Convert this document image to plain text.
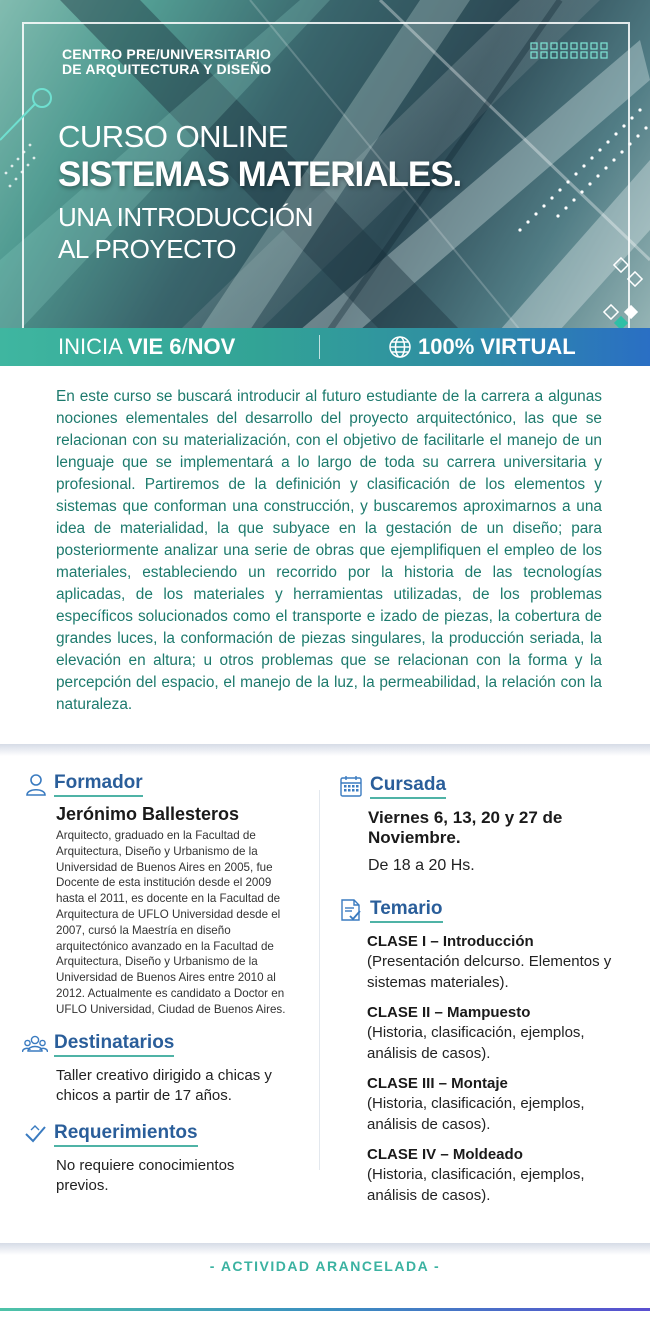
CENTRO PRE/UNIVERSITARIO
DE ARQUITECTURA Y DISEÑO
CURSO ONLINE
SISTEMAS MATERIALES.
UNA INTRODUCCIÓN
AL PROYECTO
INICIA VIE 6/NOV	100% VIRTUAL

En este curso se buscará introducir al futuro estudiante de la carrera a algunas nociones elementales del desarrollo del proyecto arquitectónico, las que se relacionan con su materialización, con el objetivo de facilitarle el manejo de un lenguaje que se implementará a lo largo de toda su carrera universitaria y profesional. Partiremos de la definición y clasificación de los elementos y sistemas que conforman una construcción, y buscaremos aproximarnos a una idea de materialidad, la que subyace en la gestación de un diseño; para posteriormente analizar una serie de obras que ejemplifiquen el empleo de los materiales, estableciendo un recorrido por la historia de las tecnologías aplicadas, de los materiales y herramientas utilizadas, de los problemas específicos solucionados como el transporte e izado de piezas, la cobertura de grandes luces, la conformación de piezas singulares, la producción seriada, la elevación en altura; u otros problemas que se relacionan con la forma y la percepción del espacio, el manejo de la luz, la permeabilidad, la relación con la naturaleza.

Formador
Jerónimo Ballesteros
Arquitecto, graduado en la Facultad de Arquitectura, Diseño y Urbanismo de la Universidad de Buenos Aires en 2005, fue Docente de esta institución desde el 2009 hasta el 2011, es docente en la Facultad de Arquitectura de UFLO Universidad desde el 2007, cursó la Maestría en diseño arquitectónico avanzado en la Facultad de Arquitectura, Diseño y Urbanismo de la Universidad de Buenos Aires entre 2010 al 2012. Actualmente es candidato a Doctor en UFLO Universidad, Ciudad de Buenos Aires.
Destinatarios
Taller creativo dirigido a chicas y chicos a partir de 17 años.
Requerimientos
No requiere conocimientos previos.
Cursada
Viernes 6, 13, 20 y 27 de Noviembre.
De 18 a 20 Hs.
Temario
CLASE I – Introducción
(Presentación delcurso. Elementos y sistemas materiales).
CLASE II – Mampuesto
(Historia, clasificación, ejemplos, análisis de casos).
CLASE III – Montaje
(Historia, clasificación, ejemplos, análisis de casos).
CLASE IV – Moldeado
(Historia, clasificación, ejemplos, análisis de casos).
- ACTIVIDAD ARANCELADA -
